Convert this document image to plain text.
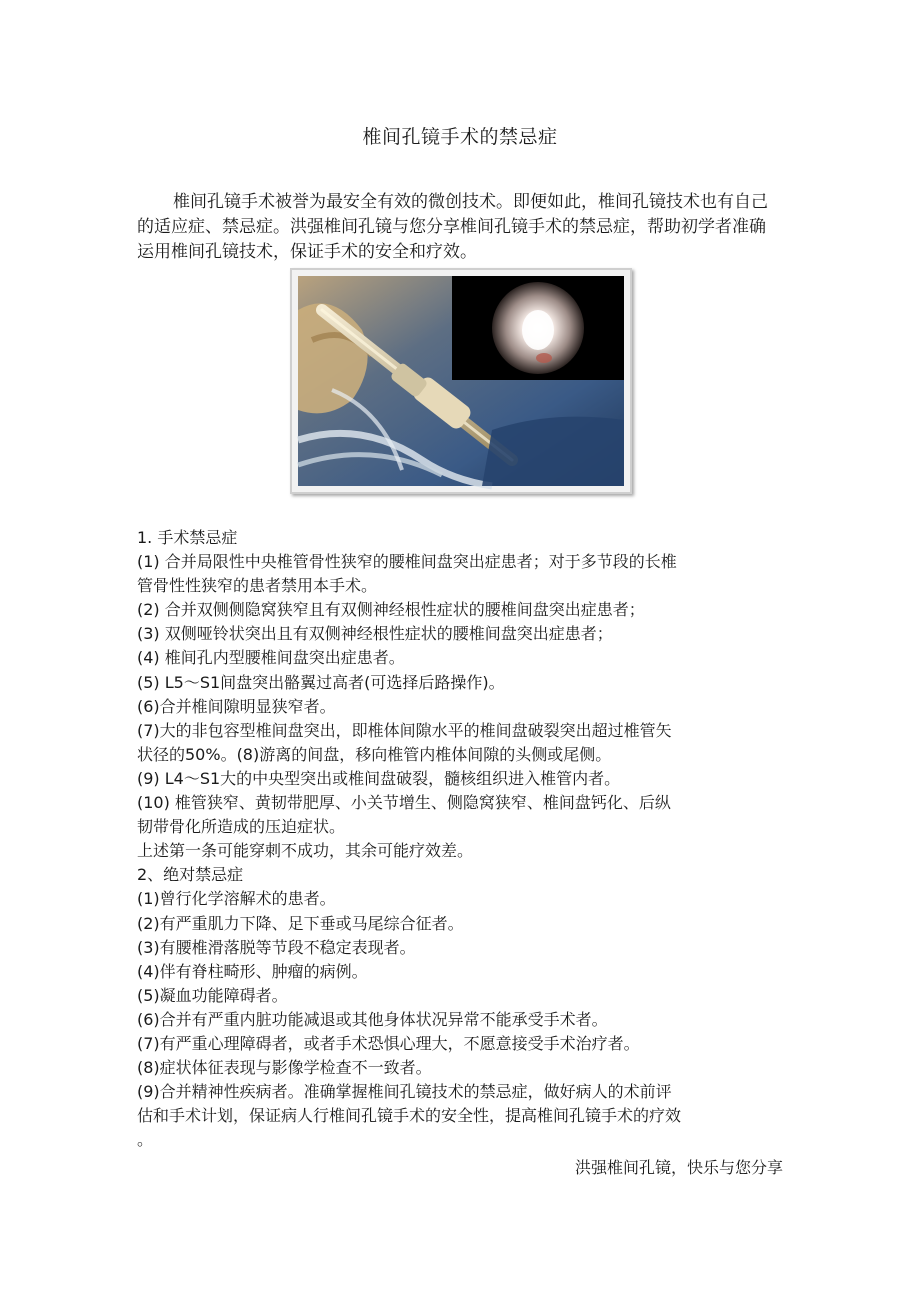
椎间孔镜手术的禁忌症

椎间孔镜手术被誉为最安全有效的微创技术。即便如此，椎间孔镜技术也有自己的适应症、禁忌症。洪强椎间孔镜与您分享椎间孔镜手术的禁忌症，帮助初学者准确运用椎间孔镜技术，保证手术的安全和疗效。

1. 手术禁忌症
(1) 合并局限性中央椎管骨性狭窄的腰椎间盘突出症患者；对于多节段的长椎
管骨性性狭窄的患者禁用本手术。
(2) 合并双侧侧隐窝狭窄且有双侧神经根性症状的腰椎间盘突出症患者；
(3) 双侧哑铃状突出且有双侧神经根性症状的腰椎间盘突出症患者；
(4) 椎间孔内型腰椎间盘突出症患者。
(5) L5～S1间盘突出骼翼过高者(可选择后路操作)。
(6)合并椎间隙明显狭窄者。
(7)大的非包容型椎间盘突出，即椎体间隙水平的椎间盘破裂突出超过椎管矢
状径的50%。(8)游离的间盘，移向椎管内椎体间隙的头侧或尾侧。
(9) L4～S1大的中央型突出或椎间盘破裂，髓核组织进入椎管内者。
(10) 椎管狭窄、黄韧带肥厚、小关节增生、侧隐窝狭窄、椎间盘钙化、后纵
韧带骨化所造成的压迫症状。
上述第一条可能穿刺不成功，其余可能疗效差。
2、绝对禁忌症
(1)曾行化学溶解术的患者。
(2)有严重肌力下降、足下垂或马尾综合征者。
(3)有腰椎滑落脱等节段不稳定表现者。
(4)伴有脊柱畸形、肿瘤的病例。
(5)凝血功能障碍者。
(6)合并有严重内脏功能减退或其他身体状况异常不能承受手术者。
(7)有严重心理障碍者，或者手术恐惧心理大，不愿意接受手术治疗者。
(8)症状体征表现与影像学检查不一致者。
(9)合并精神性疾病者。准确掌握椎间孔镜技术的禁忌症，做好病人的术前评
估和手术计划，保证病人行椎间孔镜手术的安全性，提高椎间孔镜手术的疗效
。
洪强椎间孔镜，快乐与您分享
